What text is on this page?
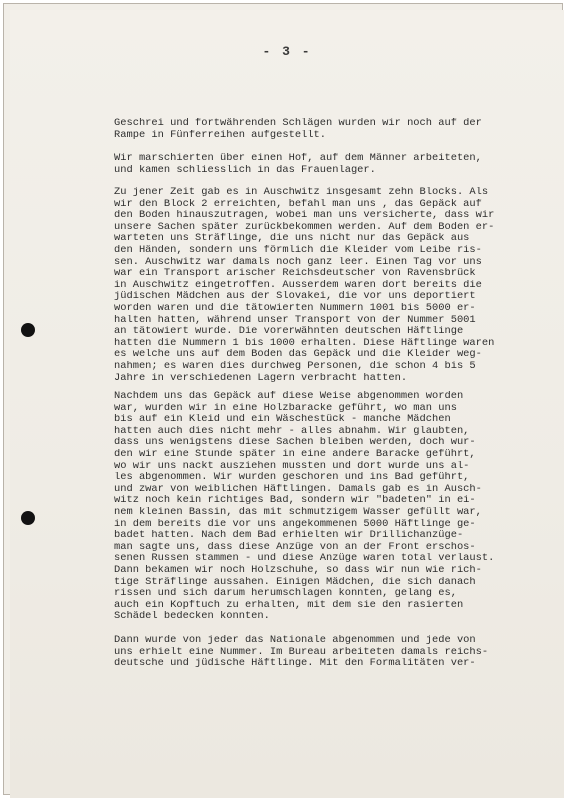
- 3 -
Geschrei und fortwährenden Schlägen wurden wir noch auf der
Rampe in Fünferreihen aufgestellt.
Wir marschierten über einen Hof, auf dem Männer arbeiteten,
und kamen schliesslich in das Frauenlager.
Zu jener Zeit gab es in Auschwitz insgesamt zehn Blocks. Als
wir den Block 2 erreichten, befahl man uns , das Gepäck auf
den Boden hinauszutragen, wobei man uns versicherte, dass wir
unsere Sachen später zurückbekommen werden. Auf dem Boden er-
warteten uns Sträflinge, die uns nicht nur das Gepäck aus
den Händen, sondern uns förmlich die Kleider vom Leibe ris-
sen. Auschwitz war damals noch ganz leer. Einen Tag vor uns
war ein Transport arischer Reichsdeutscher von Ravensbrück
in Auschwitz eingetroffen. Ausserdem waren dort bereits die
jüdischen Mädchen aus der Slovakei, die vor uns deportiert
worden waren und die tätowierten Nummern 1001 bis 5000 er-
halten hatten, während unser Transport von der Nummer 5001
an tätowiert wurde. Die vorerwähnten deutschen Häftlinge
hatten die Nummern 1 bis 1000 erhalten. Diese Häftlinge waren
es welche uns auf dem Boden das Gepäck und die Kleider weg-
nahmen; es waren dies durchweg Personen, die schon 4 bis 5
Jahre in verschiedenen Lagern verbracht hatten.
Nachdem uns das Gepäck auf diese Weise abgenommen worden
war, wurden wir in eine Holzbaracke geführt, wo man uns
bis auf ein Kleid und ein Wäschestück - manche Mädchen
hatten auch dies nicht mehr - alles abnahm. Wir glaubten,
dass uns wenigstens diese Sachen bleiben werden, doch wur-
den wir eine Stunde später in eine andere Baracke geführt,
wo wir uns nackt ausziehen mussten und dort wurde uns al-
les abgenommen. Wir wurden geschoren und ins Bad geführt,
und zwar von weiblichen Häftlingen. Damals gab es in Ausch-
witz noch kein richtiges Bad, sondern wir "badeten" in ei-
nem kleinen Bassin, das mit schmutzigem Wasser gefüllt war,
in dem bereits die vor uns angekommenen 5000 Häftlinge ge-
badet hatten. Nach dem Bad erhielten wir Drillichanzüge-
man sagte uns, dass diese Anzüge von an der Front erschos-
senen Russen stammen - und diese Anzüge waren total verlaust.
Dann bekamen wir noch Holzschuhe, so dass wir nun wie rich-
tige Sträflinge aussahen. Einigen Mädchen, die sich danach
rissen und sich darum herumschlagen konnten, gelang es,
auch ein Kopftuch zu erhalten, mit dem sie den rasierten
Schädel bedecken konnten.
Dann wurde von jeder das Nationale abgenommen und jede von
uns erhielt eine Nummer. Im Bureau arbeiteten damals reichs-
deutsche und jüdische Häftlinge. Mit den Formalitäten ver-
